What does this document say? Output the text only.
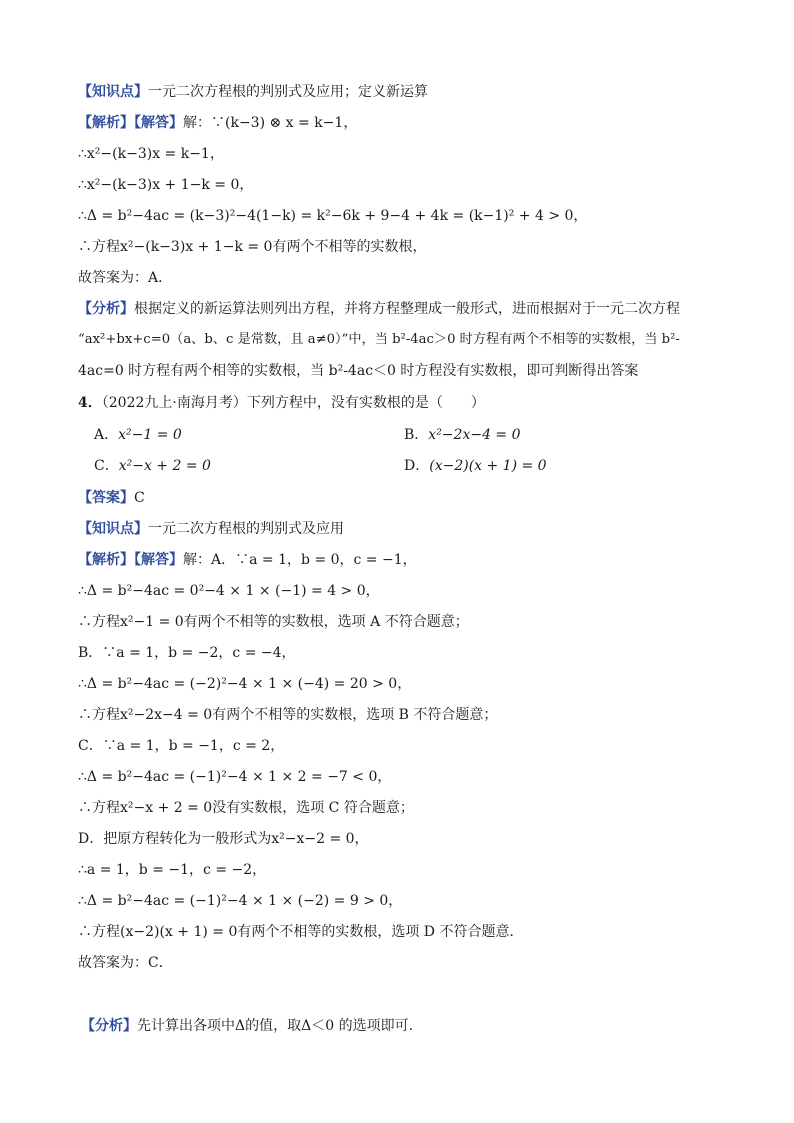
【知识点】一元二次方程根的判别式及应用；定义新运算
【解析】【解答】解：∵(k−3) ⊗ x = k−1，
∴x²−(k−3)x = k−1，
∴x²−(k−3)x + 1−k = 0，
∴Δ = b²−4ac = (k−3)²−4(1−k) = k²−6k + 9−4 + 4k = (k−1)² + 4 > 0，
∴方程x²−(k−3)x + 1−k = 0有两个不相等的实数根，
故答案为：A.
【分析】根据定义的新运算法则列出方程，并将方程整理成一般形式，进而根据对于一元二次方程
“ax²+bx+c=0（a、b、c 是常数，且 a≠0）”中，当 b²-4ac＞0 时方程有两个不相等的实数根，当 b²-
4ac=0 时方程有两个相等的实数根，当 b²-4ac＜0 时方程没有实数根，即可判断得出答案
4．（2022九上·南海月考）下列方程中，没有实数根的是（　　）
A．x²−1 = 0	B．x²−2x−4 = 0
C．x²−x + 2 = 0	D．(x−2)(x + 1) = 0
【答案】C
【知识点】一元二次方程根的判别式及应用
【解析】【解答】解：A．∵a = 1，b = 0，c = −1，
∴Δ = b²−4ac = 0²−4 × 1 × (−1) = 4 > 0，
∴方程x²−1 = 0有两个不相等的实数根，选项 A 不符合题意；
B．∵a = 1，b = −2，c = −4，
∴Δ = b²−4ac = (−2)²−4 × 1 × (−4) = 20 > 0，
∴方程x²−2x−4 = 0有两个不相等的实数根，选项 B 不符合题意；
C．∵a = 1，b = −1，c = 2，
∴Δ = b²−4ac = (−1)²−4 × 1 × 2 = −7 < 0，
∴方程x²−x + 2 = 0没有实数根，选项 C 符合题意；
D．把原方程转化为一般形式为x²−x−2 = 0，
∴a = 1，b = −1，c = −2，
∴Δ = b²−4ac = (−1)²−4 × 1 × (−2) = 9 > 0，
∴方程(x−2)(x + 1) = 0有两个不相等的实数根，选项 D 不符合题意．
故答案为：C．
【分析】先计算出各项中Δ的值，取Δ＜0 的选项即可.
